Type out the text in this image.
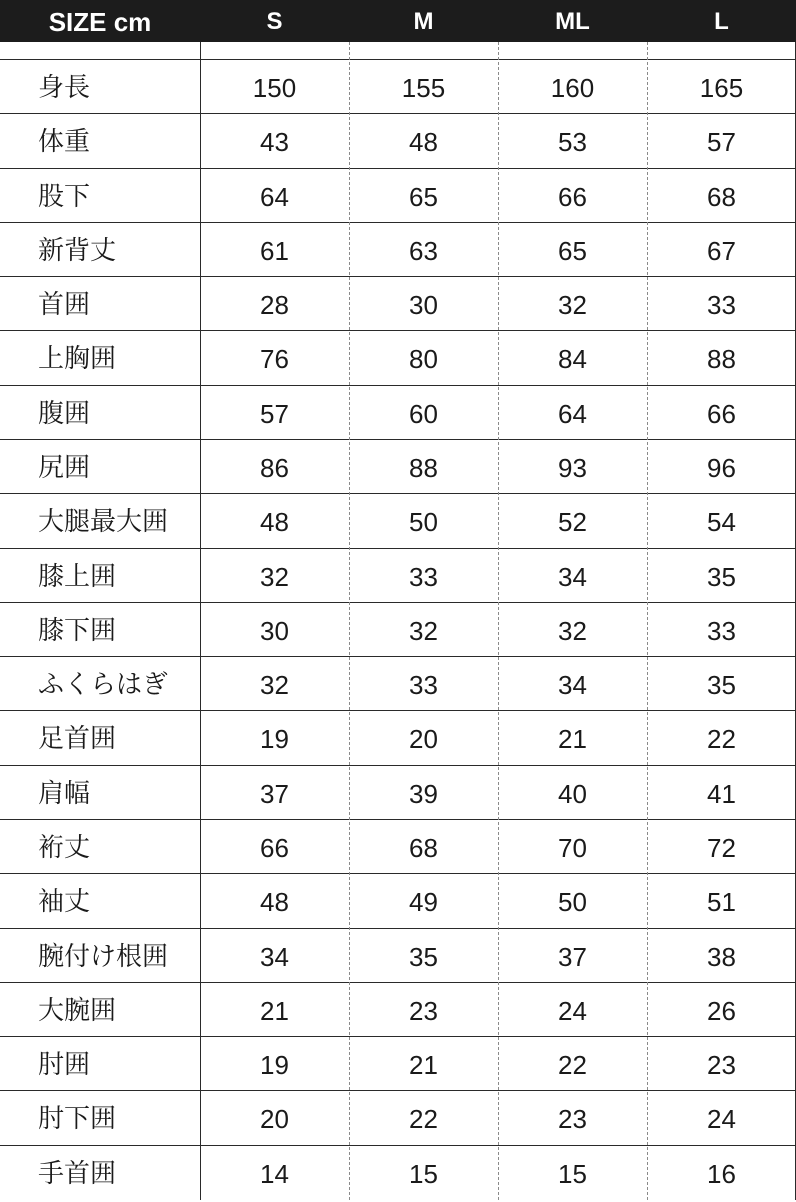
SIZE cm	S	M	ML	L
身長	150	155	160	165
体重	43	48	53	57
股下	64	65	66	68
新背丈	61	63	65	67
首囲	28	30	32	33
上胸囲	76	80	84	88
腹囲	57	60	64	66
尻囲	86	88	93	96
大腿最大囲	48	50	52	54
膝上囲	32	33	34	35
膝下囲	30	32	32	33
ふくらはぎ	32	33	34	35
足首囲	19	20	21	22
肩幅	37	39	40	41
裄丈	66	68	70	72
袖丈	48	49	50	51
腕付け根囲	34	35	37	38
大腕囲	21	23	24	26
肘囲	19	21	22	23
肘下囲	20	22	23	24
手首囲	14	15	15	16
